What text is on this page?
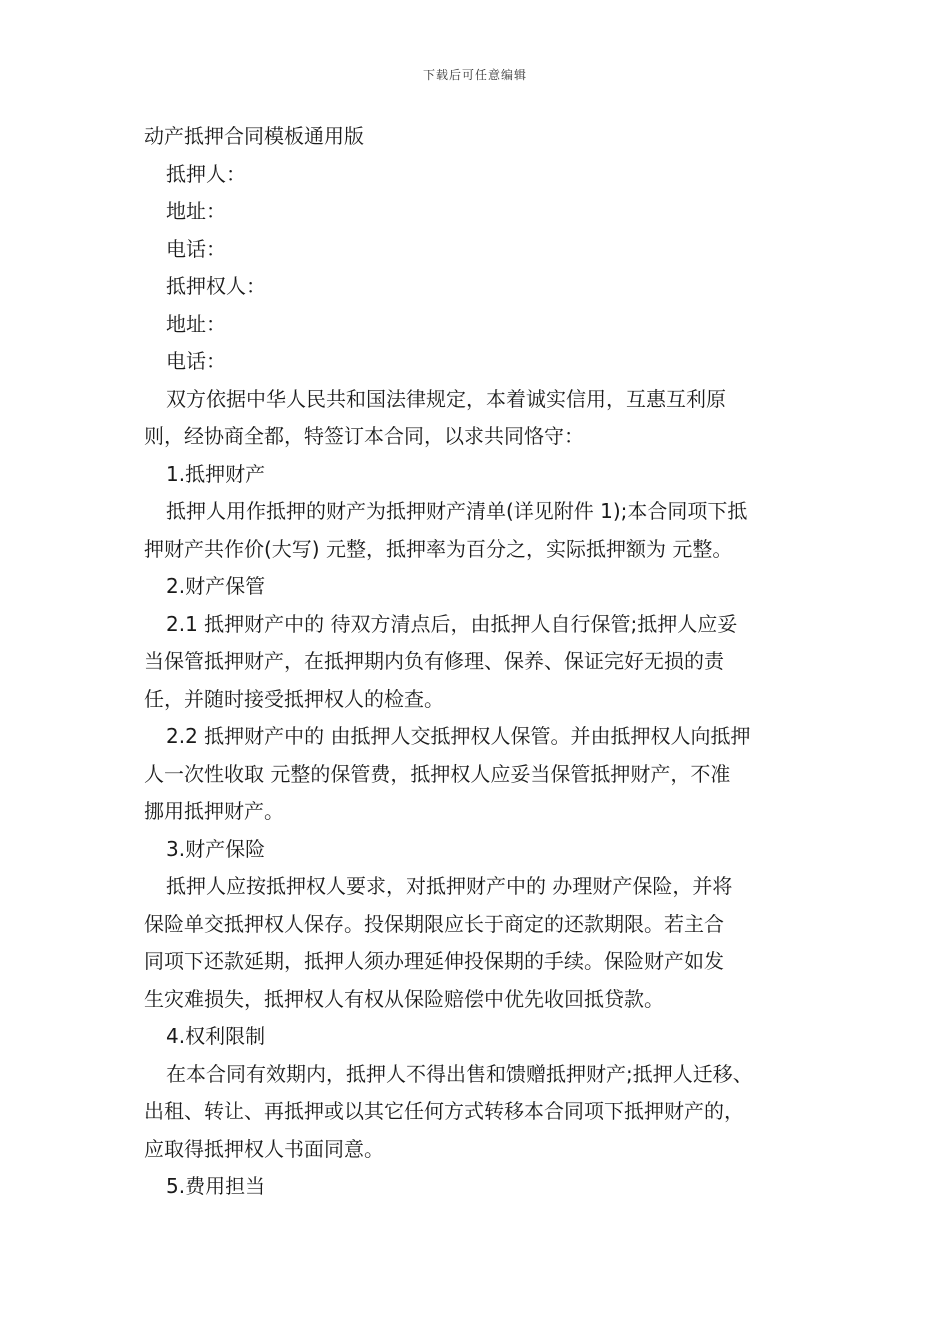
下载后可任意编辑

动产抵押合同模板通用版

抵押人：

地址：

电话：

抵押权人：

地址：

电话：

双方依据中华人民共和国法律规定，本着诚实信用，互惠互利原

则，经协商全都，特签订本合同，以求共同恪守：

1.抵押财产

抵押人用作抵押的财产为抵押财产清单(详见附件 1);本合同项下抵

押财产共作价(大写) 元整，抵押率为百分之，实际抵押额为 元整。

2.财产保管

2.1 抵押财产中的 待双方清点后，由抵押人自行保管;抵押人应妥

当保管抵押财产，在抵押期内负有修理、保养、保证完好无损的责

任，并随时接受抵押权人的检查。

2.2 抵押财产中的 由抵押人交抵押权人保管。并由抵押权人向抵押

人一次性收取 元整的保管费，抵押权人应妥当保管抵押财产，不准

挪用抵押财产。

3.财产保险

抵押人应按抵押权人要求，对抵押财产中的 办理财产保险，并将

保险单交抵押权人保存。投保期限应长于商定的还款期限。若主合

同项下还款延期，抵押人须办理延伸投保期的手续。保险财产如发

生灾难损失，抵押权人有权从保险赔偿中优先收回抵贷款。

4.权利限制

在本合同有效期内，抵押人不得出售和馈赠抵押财产;抵押人迁移、

出租、转让、再抵押或以其它任何方式转移本合同项下抵押财产的，

应取得抵押权人书面同意。

5.费用担当
